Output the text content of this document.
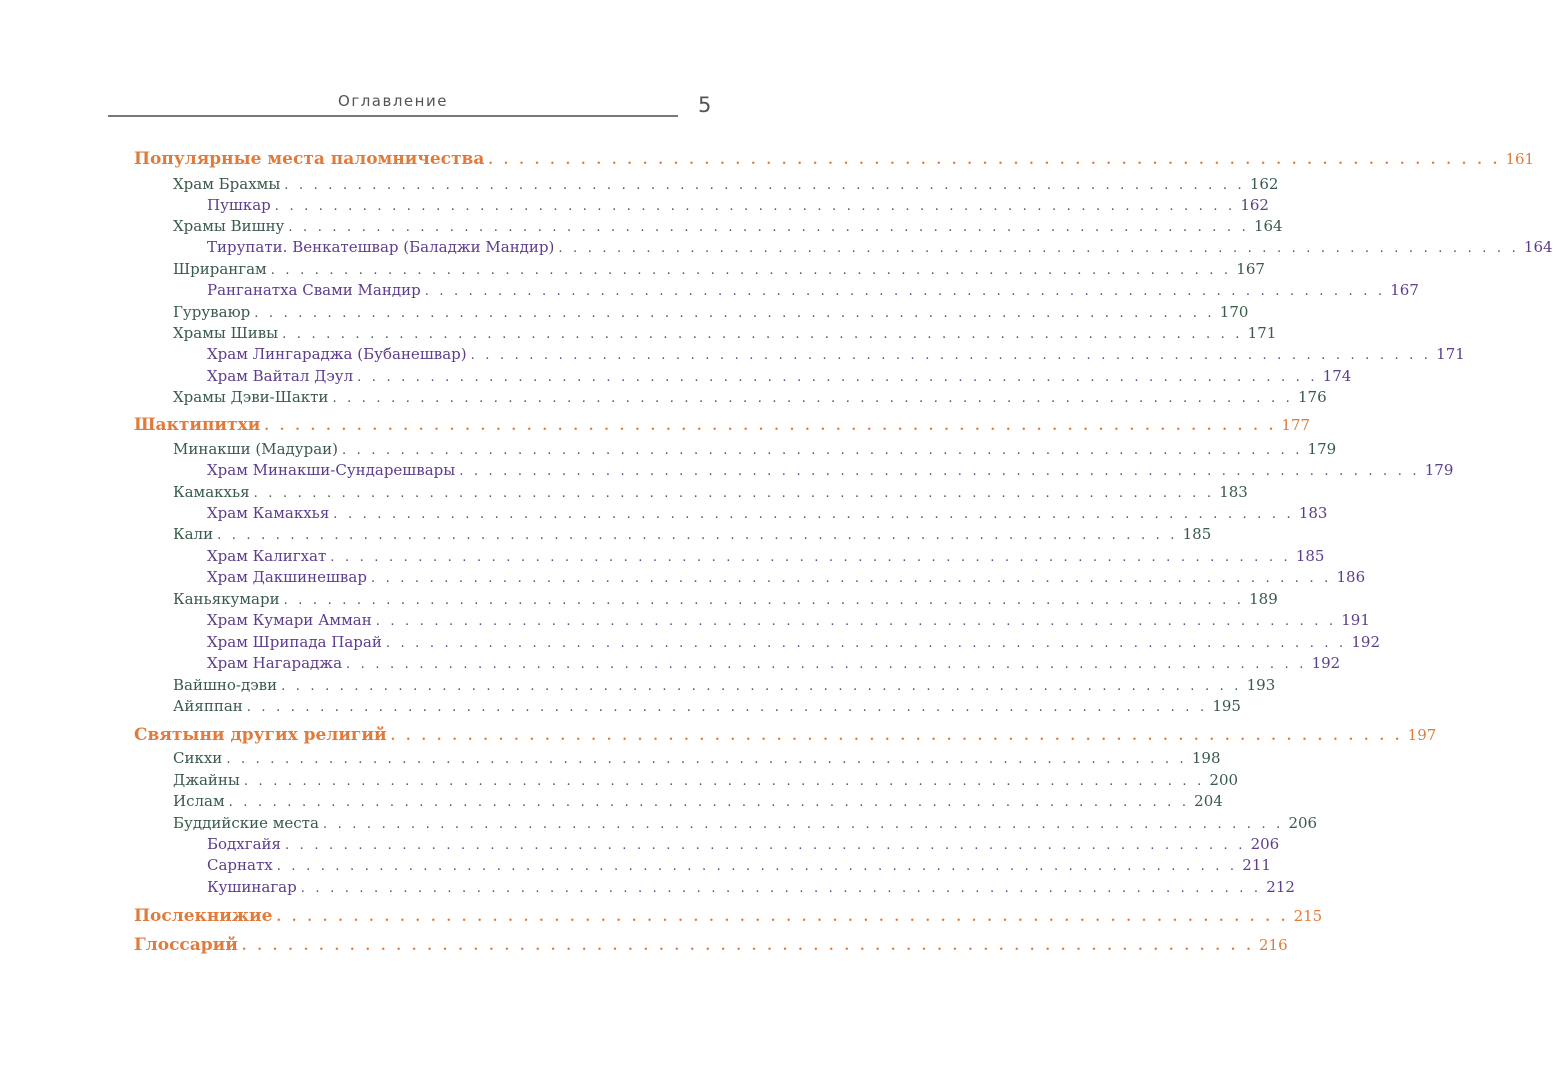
Оглавление	5
Популярные места паломничества . . . . . . . . . . . . . . . . . . . . . . . . . . . . . . . . . . . . . . . . . . . . . . . . . . . . . . . . . . . . . . . . . . 161
Храм Брахмы . . . . . . . . . . . . . . . . . . . . . . . . . . . . . . . . . . . . . . . . . . . . . . . . . . . . . . . . . . . . . . . . . . 162
Пушкар . . . . . . . . . . . . . . . . . . . . . . . . . . . . . . . . . . . . . . . . . . . . . . . . . . . . . . . . . . . . . . . . . . 162
Храмы Вишну . . . . . . . . . . . . . . . . . . . . . . . . . . . . . . . . . . . . . . . . . . . . . . . . . . . . . . . . . . . . . . . . . . 164
Тирупати. Венкатешвар (Баладжи Мандир) . . . . . . . . . . . . . . . . . . . . . . . . . . . . . . . . . . . . . . . . . . . . . . . . . . . . . . . . . . . . . . . . . . 164
Шрирангам . . . . . . . . . . . . . . . . . . . . . . . . . . . . . . . . . . . . . . . . . . . . . . . . . . . . . . . . . . . . . . . . . . 167
Ранганатха Свами Мандир . . . . . . . . . . . . . . . . . . . . . . . . . . . . . . . . . . . . . . . . . . . . . . . . . . . . . . . . . . . . . . . . . . 167
Гуруваюр . . . . . . . . . . . . . . . . . . . . . . . . . . . . . . . . . . . . . . . . . . . . . . . . . . . . . . . . . . . . . . . . . . 170
Храмы Шивы . . . . . . . . . . . . . . . . . . . . . . . . . . . . . . . . . . . . . . . . . . . . . . . . . . . . . . . . . . . . . . . . . . 171
Храм Лингараджа (Бубанешвар) . . . . . . . . . . . . . . . . . . . . . . . . . . . . . . . . . . . . . . . . . . . . . . . . . . . . . . . . . . . . . . . . . . 171
Храм Вайтал Дэул . . . . . . . . . . . . . . . . . . . . . . . . . . . . . . . . . . . . . . . . . . . . . . . . . . . . . . . . . . . . . . . . . . 174
Храмы Дэви-Шакти . . . . . . . . . . . . . . . . . . . . . . . . . . . . . . . . . . . . . . . . . . . . . . . . . . . . . . . . . . . . . . . . . . 176
Шактипитхи . . . . . . . . . . . . . . . . . . . . . . . . . . . . . . . . . . . . . . . . . . . . . . . . . . . . . . . . . . . . . . . . . . 177
Минакши (Мадураи) . . . . . . . . . . . . . . . . . . . . . . . . . . . . . . . . . . . . . . . . . . . . . . . . . . . . . . . . . . . . . . . . . . 179
Храм Минакши-Сундарешвары . . . . . . . . . . . . . . . . . . . . . . . . . . . . . . . . . . . . . . . . . . . . . . . . . . . . . . . . . . . . . . . . . . 179
Камакхья . . . . . . . . . . . . . . . . . . . . . . . . . . . . . . . . . . . . . . . . . . . . . . . . . . . . . . . . . . . . . . . . . . 183
Храм Камакхья . . . . . . . . . . . . . . . . . . . . . . . . . . . . . . . . . . . . . . . . . . . . . . . . . . . . . . . . . . . . . . . . . . 183
Кали . . . . . . . . . . . . . . . . . . . . . . . . . . . . . . . . . . . . . . . . . . . . . . . . . . . . . . . . . . . . . . . . . . 185
Храм Калигхат . . . . . . . . . . . . . . . . . . . . . . . . . . . . . . . . . . . . . . . . . . . . . . . . . . . . . . . . . . . . . . . . . . 185
Храм Дакшинешвар . . . . . . . . . . . . . . . . . . . . . . . . . . . . . . . . . . . . . . . . . . . . . . . . . . . . . . . . . . . . . . . . . . 186
Каньякумари . . . . . . . . . . . . . . . . . . . . . . . . . . . . . . . . . . . . . . . . . . . . . . . . . . . . . . . . . . . . . . . . . . 189
Храм Кумари Амман . . . . . . . . . . . . . . . . . . . . . . . . . . . . . . . . . . . . . . . . . . . . . . . . . . . . . . . . . . . . . . . . . . 191
Храм Шрипада Парай . . . . . . . . . . . . . . . . . . . . . . . . . . . . . . . . . . . . . . . . . . . . . . . . . . . . . . . . . . . . . . . . . . 192
Храм Нагараджа . . . . . . . . . . . . . . . . . . . . . . . . . . . . . . . . . . . . . . . . . . . . . . . . . . . . . . . . . . . . . . . . . . 192
Вайшно-дэви . . . . . . . . . . . . . . . . . . . . . . . . . . . . . . . . . . . . . . . . . . . . . . . . . . . . . . . . . . . . . . . . . . 193
Айяппан . . . . . . . . . . . . . . . . . . . . . . . . . . . . . . . . . . . . . . . . . . . . . . . . . . . . . . . . . . . . . . . . . . 195
Святыни других религий . . . . . . . . . . . . . . . . . . . . . . . . . . . . . . . . . . . . . . . . . . . . . . . . . . . . . . . . . . . . . . . . . . 197
Сикхи . . . . . . . . . . . . . . . . . . . . . . . . . . . . . . . . . . . . . . . . . . . . . . . . . . . . . . . . . . . . . . . . . . 198
Джайны . . . . . . . . . . . . . . . . . . . . . . . . . . . . . . . . . . . . . . . . . . . . . . . . . . . . . . . . . . . . . . . . . . 200
Ислам . . . . . . . . . . . . . . . . . . . . . . . . . . . . . . . . . . . . . . . . . . . . . . . . . . . . . . . . . . . . . . . . . . 204
Буддийские места . . . . . . . . . . . . . . . . . . . . . . . . . . . . . . . . . . . . . . . . . . . . . . . . . . . . . . . . . . . . . . . . . . 206
Бодхгайя . . . . . . . . . . . . . . . . . . . . . . . . . . . . . . . . . . . . . . . . . . . . . . . . . . . . . . . . . . . . . . . . . . 206
Сарнатх . . . . . . . . . . . . . . . . . . . . . . . . . . . . . . . . . . . . . . . . . . . . . . . . . . . . . . . . . . . . . . . . . . 211
Кушинагар . . . . . . . . . . . . . . . . . . . . . . . . . . . . . . . . . . . . . . . . . . . . . . . . . . . . . . . . . . . . . . . . . . 212
Послекнижие . . . . . . . . . . . . . . . . . . . . . . . . . . . . . . . . . . . . . . . . . . . . . . . . . . . . . . . . . . . . . . . . . . 215
Глоссарий . . . . . . . . . . . . . . . . . . . . . . . . . . . . . . . . . . . . . . . . . . . . . . . . . . . . . . . . . . . . . . . . . . 216
